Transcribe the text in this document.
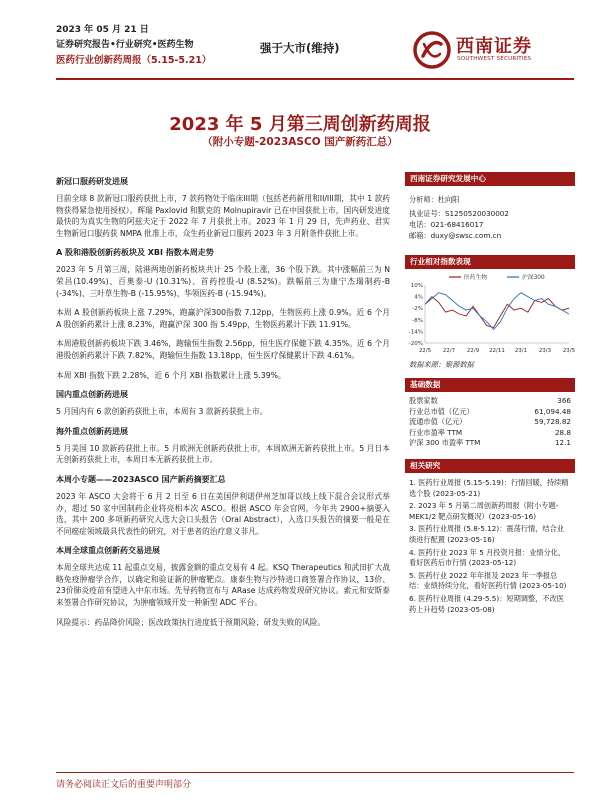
2023 年 05 月 21 日
证券研究报告•行业研究•医药生物
医药行业创新药周报（5.15-5.21）
强于大市(维持)	西南证券
SOUTHWEST SECURITIES
2023 年 5 月第三周创新药周报
（附小专题-2023ASCO 国产新药汇总）
新冠口服药研发进展

目前全球 8 款新冠口服药获批上市，7 款药物处于临床III期（包括老药新用和II/III期，其中 1 款药物获得紧急使用授权）。辉瑞 Paxlovid 和默克的 Molnupiravir 已在中国获批上市，国内研发进度最快的为真实生物的阿兹夫定于 2022 年 7 月获批上市。2023 年 1 月 29 日，先声药业、君实生物新冠口服药获 NMPA 批准上市，众生药业新冠口服药 2023 年 3 月附条件获批上市。

A 股和港股创新药板块及 XBI 指数本周走势

2023 年 5 月第三周，陆港两地创新药板块共计 25 个股上涨，36 个股下跌。其中涨幅前三为 N 荣昌(10.49%)、百奥泰-U (10.31%)、首药控股-U (8.52%)。跌幅前三为康宁杰瑞制药-B (-34%)、三叶草生物-B (-15.95%)、华领医药-B (-15.94%)。

本周 A 股创新药板块上涨 7.29%，跑赢沪深300指数 7.12pp，生物医药上涨 0.9%。近 6 个月 A 股创新药累计上涨 8.23%，跑赢沪深 300 指 5.49pp，生物医药累计下跌 11.91%。

本周港股创新药板块下跌 3.46%，跑输恒生指数 2.56pp，恒生医疗保健下跌 4.35%。近 6 个月港股创新药累计下跌 7.82%，跑输恒生指数 13.18pp，恒生医疗保健累计下跌 4.61%。

本周 XBI 指数下跌 2.28%，近 6 个月 XBI 指数累计上涨 5.39%。

国内重点创新药进展

5 月国内有 6 款创新药获批上市，本周有 3 款新药获批上市。

海外重点创新药进展

5 月美国 10 款新药获批上市。5 月欧洲无创新药获批上市，本周欧洲无新药获批上市。5 月日本无创新药获批上市，本周日本无新药获批上市。

本周小专题——2023ASCO 国产新药摘要汇总

2023 年 ASCO 大会将于 6 月 2 日至 6 日在美国伊利诺伊州芝加哥以线上线下混合会议形式举办，超过 50 家中国制药企业将亮相本次 ASCO。根据 ASCO 年会官网，今年共 2900+摘要入选，其中 200 多项新药研究入选大会口头报告（Oral Abstract），入选口头报告的摘要一般是在不同癌症领域最具代表性的研究，对于患者的治疗意义非凡。

本周全球重点创新药交易进展

本周全球共达成 11 起重点交易，披露金额的重点交易有 4 起。KSQ Therapeutics 和武田扩大战略免疫肿瘤学合作，以确定和验证新的肿瘤靶点。康泰生物与沙特进口商签署合作协议，13价、23价肺炎疫苗有望进入中东市场。先导药物宣布与 ARase 达成药物发现研究协议。索元和安斯泰来签署合作研究协议，为肿瘤领域开发一种新型 ADC 平台。

风险提示：药品降价风险；医改政策执行进度低于预期风险；研发失败的风险。

西南证券研究发展中心
分析师：杜向阳
执业证号：S1250520030002
电话：021-68416017
邮箱：duxy@swsc.com.cn
行业相对指数表现
医药生物	沪深300
10%
4%
-2%
-8%
-14%
-20%
22/5 22/7 22/9 22/11 23/1 23/3 23/5
数据来源：聚源数据
基础数据
股票家数	366
行业总市值（亿元）	61,094.48
流通市值（亿元）	59,728.82
行业市盈率 TTM	28.8
沪深 300 市盈率 TTM	12.1
相关研究
1. 医药行业周报 (5.15-5.19)：行情回暖，持续精选个股 (2023-05-21)
2. 2023 年 5 月第二周创新药周报（附小专题-MEK1/2 靶点研发概况）(2023-05-16)
3. 医药行业周报 (5.8-5.12)：震荡行情，结合业绩进行配置 (2023-05-16)
4. 医药行业 2023 年 5 月投资月报：业绩分化，看好医药后市行情 (2023-05-12)
5. 医药行业 2022 年年报及 2023 年一季报总结：业绩持续分化，看好医药行情 (2023-05-10)
6. 医药行业周报 (4.29-5.5)：短期调整，不改医药上升趋势 (2023-05-08)
请务必阅读正文后的重要声明部分
